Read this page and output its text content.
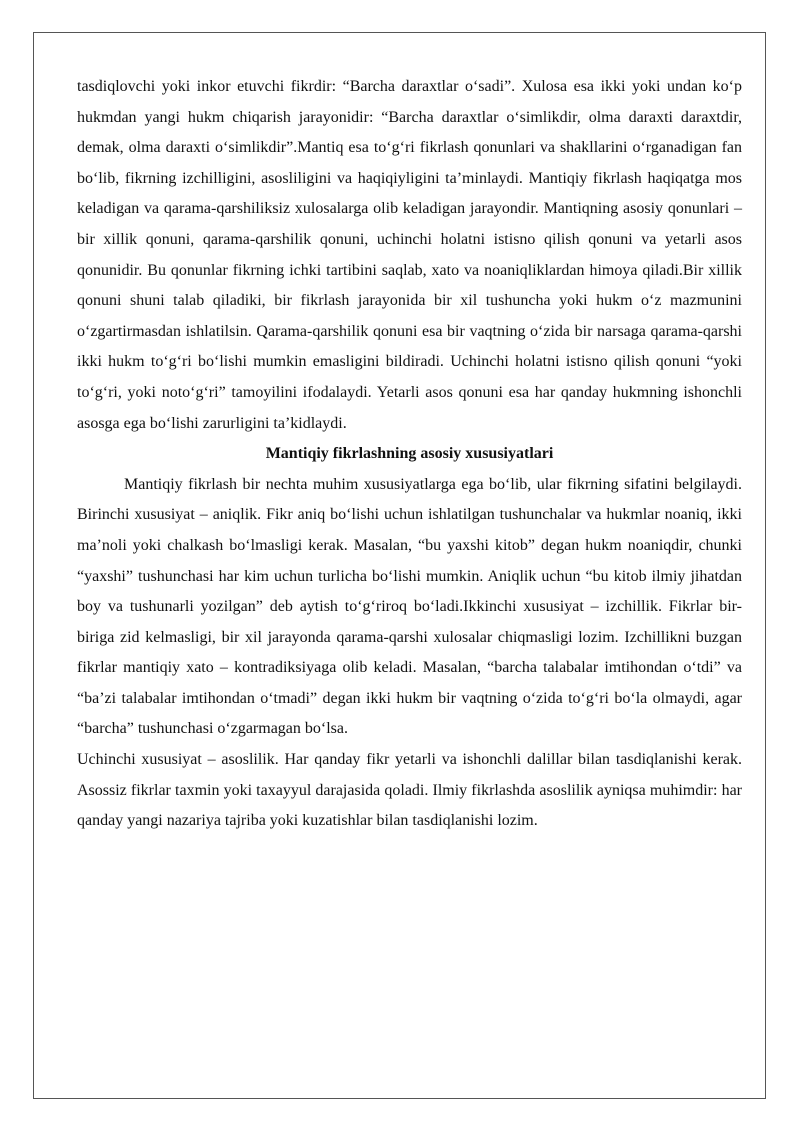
tasdiqlovchi yoki inkor etuvchi fikrdir: “Barcha daraxtlar o‘sadi”. Xulosa esa ikki yoki undan ko‘p hukmdan yangi hukm chiqarish jarayonidir: “Barcha daraxtlar o‘simlikdir, olma daraxti daraxtdir, demak, olma daraxti o‘simlikdir”.Mantiq esa to‘g‘ri fikrlash qonunlari va shakllarini o‘rganadigan fan bo‘lib, fikrning izchilligini, asosliligini va haqiqiyligini ta’minlaydi. Mantiqiy fikrlash haqiqatga mos keladigan va qarama-qarshiliksiz xulosalarga olib keladigan jarayondir. Mantiqning asosiy qonunlari – bir xillik qonuni, qarama-qarshilik qonuni, uchinchi holatni istisno qilish qonuni va yetarli asos qonunidir. Bu qonunlar fikrning ichki tartibini saqlab, xato va noaniqliklardan himoya qiladi.Bir xillik qonuni shuni talab qiladiki, bir fikrlash jarayonida bir xil tushuncha yoki hukm o‘z mazmunini o‘zgartirmasdan ishlatilsin. Qarama-qarshilik qonuni esa bir vaqtning o‘zida bir narsaga qarama-qarshi ikki hukm to‘g‘ri bo‘lishi mumkin emasligini bildiradi. Uchinchi holatni istisno qilish qonuni “yoki to‘g‘ri, yoki noto‘g‘ri” tamoyilini ifodalaydi. Yetarli asos qonuni esa har qanday hukmning ishonchli asosga ega bo‘lishi zarurligini ta’kidlaydi.

Mantiqiy fikrlashning asosiy xususiyatlari

Mantiqiy fikrlash bir nechta muhim xususiyatlarga ega bo‘lib, ular fikrning sifatini belgilaydi. Birinchi xususiyat – aniqlik. Fikr aniq bo‘lishi uchun ishlatilgan tushunchalar va hukmlar noaniq, ikki ma’noli yoki chalkash bo‘lmasligi kerak. Masalan, “bu yaxshi kitob” degan hukm noaniqdir, chunki “yaxshi” tushunchasi har kim uchun turlicha bo‘lishi mumkin. Aniqlik uchun “bu kitob ilmiy jihatdan boy va tushunarli yozilgan” deb aytish to‘g‘riroq bo‘ladi.Ikkinchi xususiyat – izchillik. Fikrlar bir-biriga zid kelmasligi, bir xil jarayonda qarama-qarshi xulosalar chiqmasligi lozim. Izchillikni buzgan fikrlar mantiqiy xato – kontradiksiyaga olib keladi. Masalan, “barcha talabalar imtihondan o‘tdi” va “ba’zi talabalar imtihondan o‘tmadi” degan ikki hukm bir vaqtning o‘zida to‘g‘ri bo‘la olmaydi, agar “barcha” tushunchasi o‘zgarmagan bo‘lsa.

Uchinchi xususiyat – asoslilik. Har qanday fikr yetarli va ishonchli dalillar bilan tasdiqlanishi kerak. Asossiz fikrlar taxmin yoki taxayyul darajasida qoladi. Ilmiy fikrlashda asoslilik ayniqsa muhimdir: har qanday yangi nazariya tajriba yoki kuzatishlar bilan tasdiqlanishi lozim.
